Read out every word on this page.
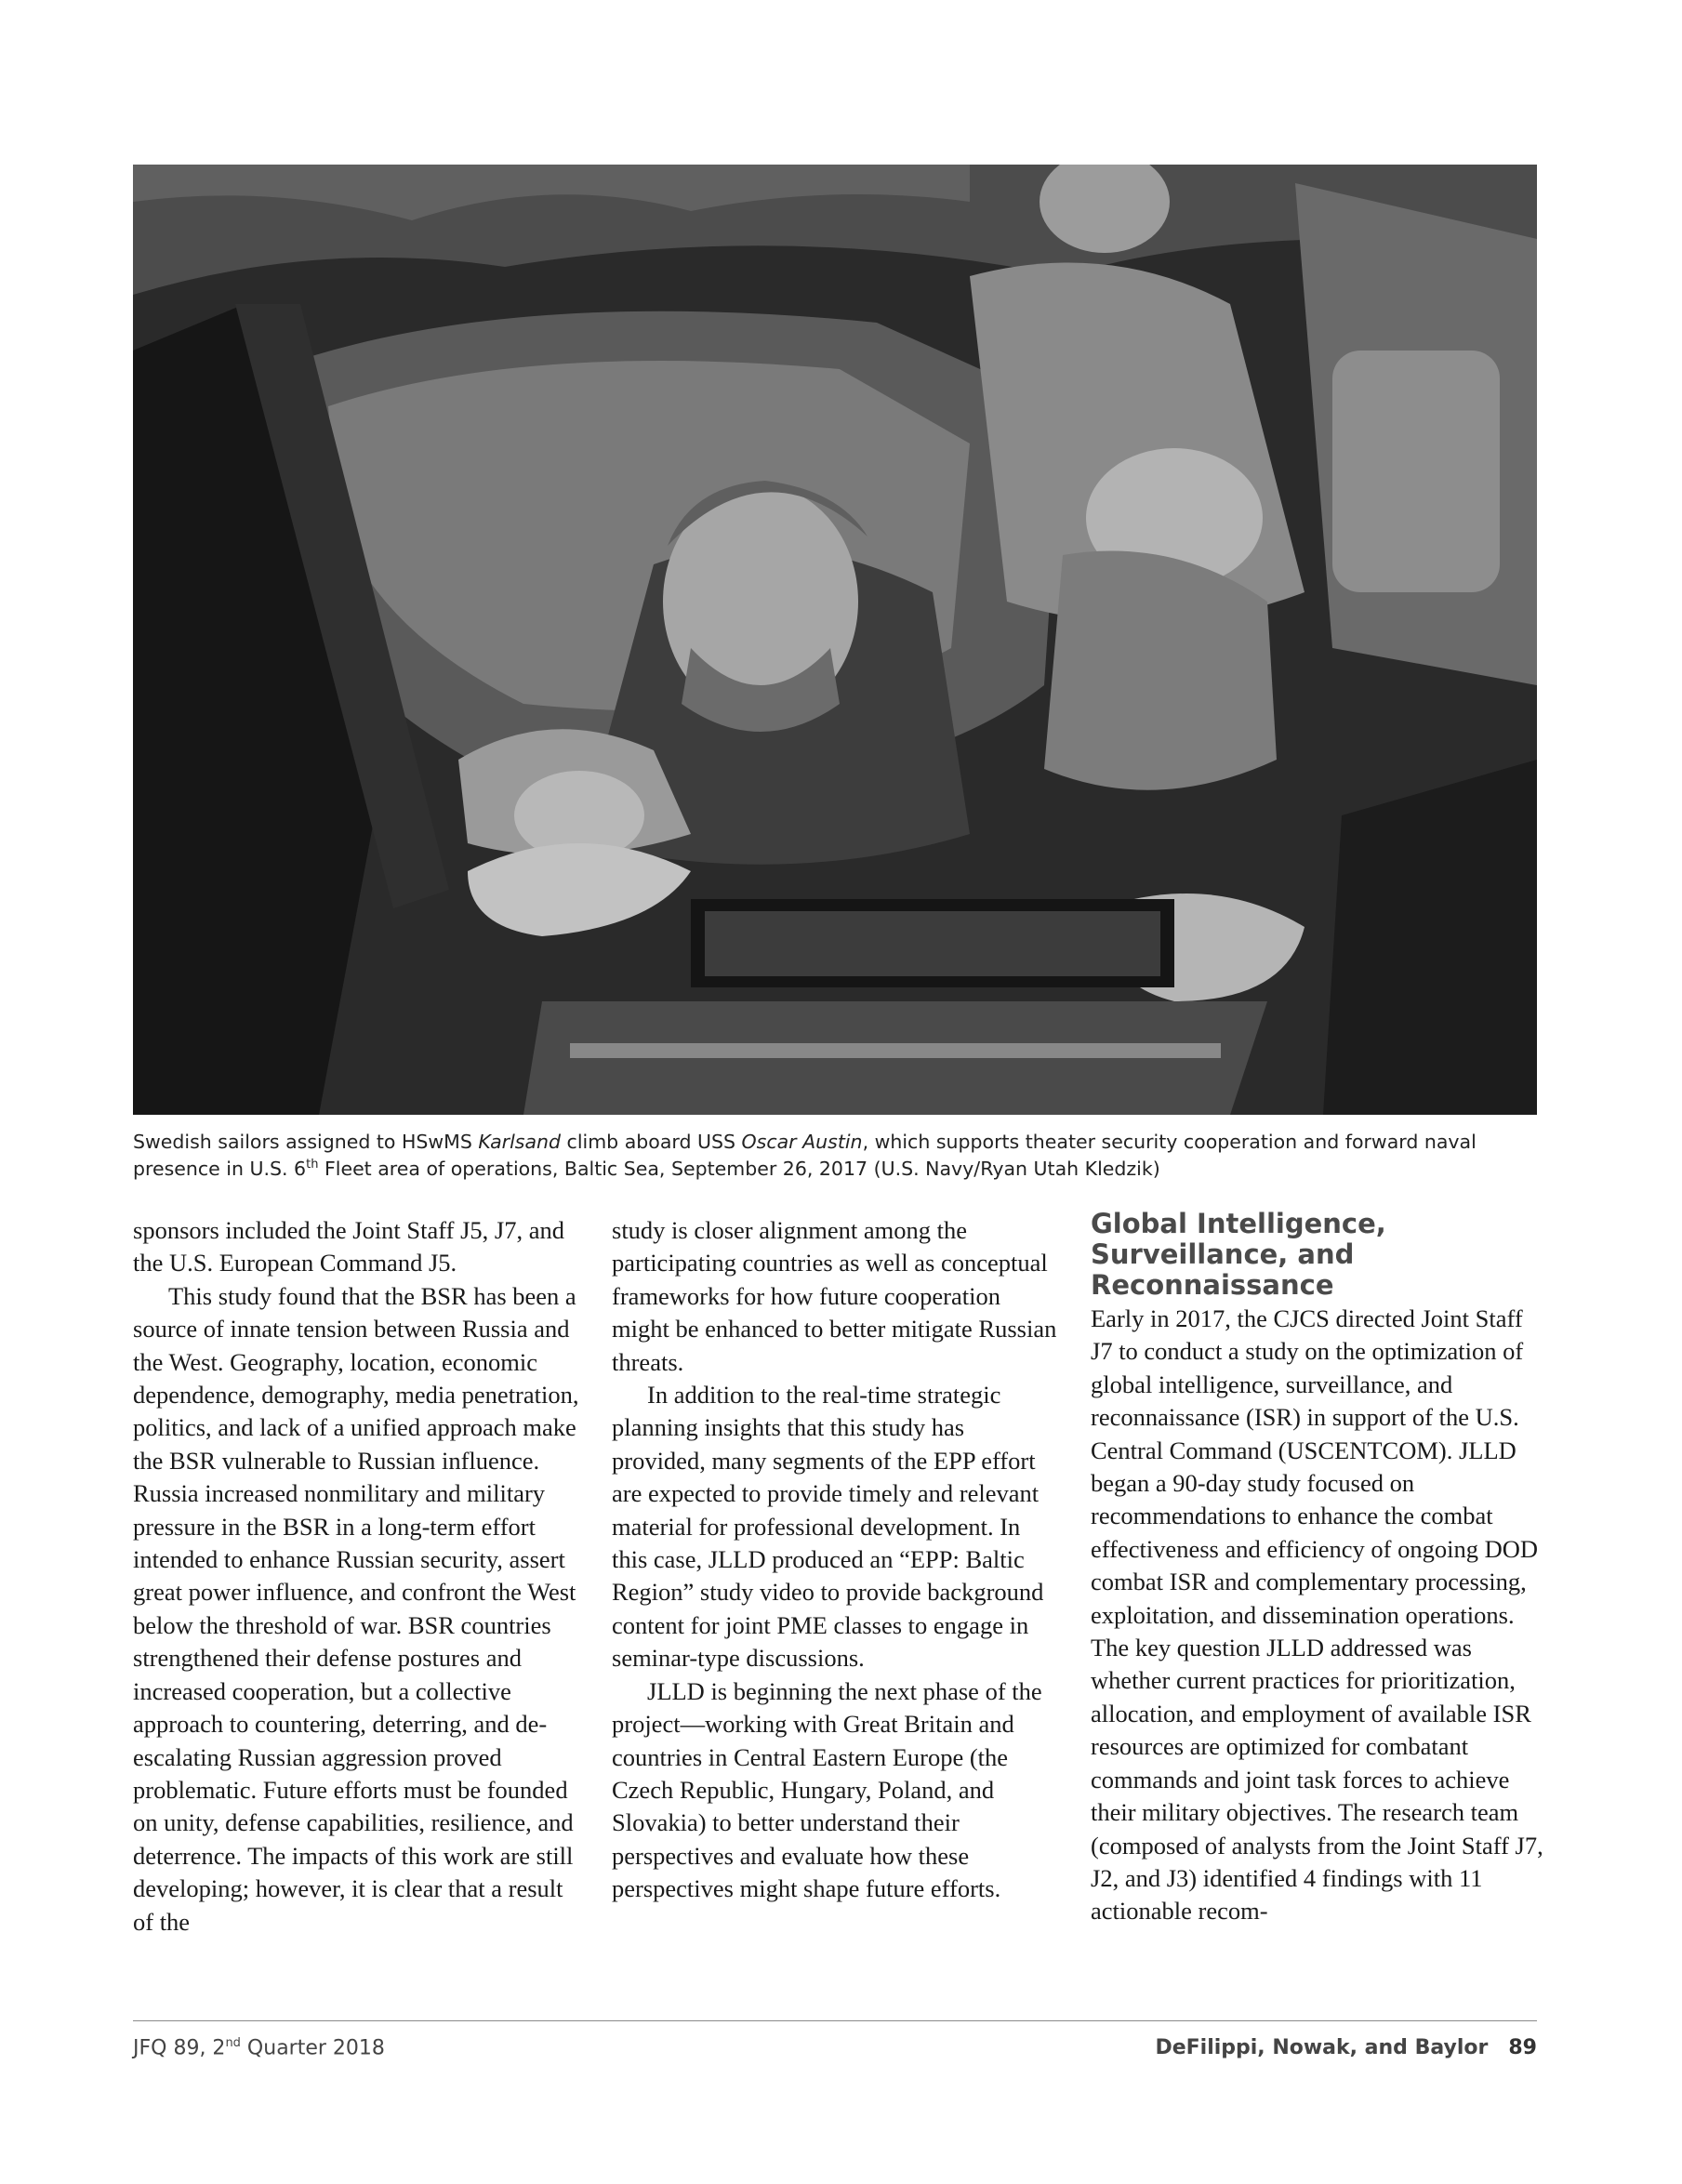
Swedish sailors assigned to HSwMS Karlsand climb aboard USS Oscar Austin, which supports theater security cooperation and forward naval presence in U.S. 6th Fleet area of operations, Baltic Sea, September 26, 2017 (U.S. Navy/Ryan Utah Kledzik)

sponsors included the Joint Staff J5, J7, and the U.S. European Command J5.

This study found that the BSR has been a source of innate tension between Russia and the West. Geography, location, economic dependence, demography, media penetration, politics, and lack of a unified approach make the BSR vulnerable to Russian influence. Russia increased nonmilitary and military pressure in the BSR in a long-term effort intended to enhance Russian security, assert great power influence, and confront the West below the threshold of war. BSR countries strengthened their defense postures and increased cooperation, but a collective approach to countering, deterring, and de-escalating Russian aggression proved problematic. Future efforts must be founded on unity, defense capabilities, resilience, and deterrence. The impacts of this work are still developing; however, it is clear that a result of the

study is closer alignment among the participating countries as well as conceptual frameworks for how future cooperation might be enhanced to better mitigate Russian threats.

In addition to the real-time strategic planning insights that this study has provided, many segments of the EPP effort are expected to provide timely and relevant material for professional development. In this case, JLLD produced an “EPP: Baltic Region” study video to provide background content for joint PME classes to engage in seminar-type discussions.

JLLD is beginning the next phase of the project—working with Great Britain and countries in Central Eastern Europe (the Czech Republic, Hungary, Poland, and Slovakia) to better understand their perspectives and evaluate how these perspectives might shape future efforts.

Global Intelligence, Surveillance, and Reconnaissance

Early in 2017, the CJCS directed Joint Staff J7 to conduct a study on the optimization of global intelligence, surveillance, and reconnaissance (ISR) in support of the U.S. Central Command (USCENTCOM). JLLD began a 90-day study focused on recommendations to enhance the combat effectiveness and efficiency of ongoing DOD combat ISR and complementary processing, exploitation, and dissemination operations. The key question JLLD addressed was whether current practices for prioritization, allocation, and employment of available ISR resources are optimized for combatant commands and joint task forces to achieve their military objectives. The research team (composed of analysts from the Joint Staff J7, J2, and J3) identified 4 findings with 11 actionable recom-

JFQ 89, 2nd Quarter 2018	DeFilippi, Nowak, and Baylor 89
